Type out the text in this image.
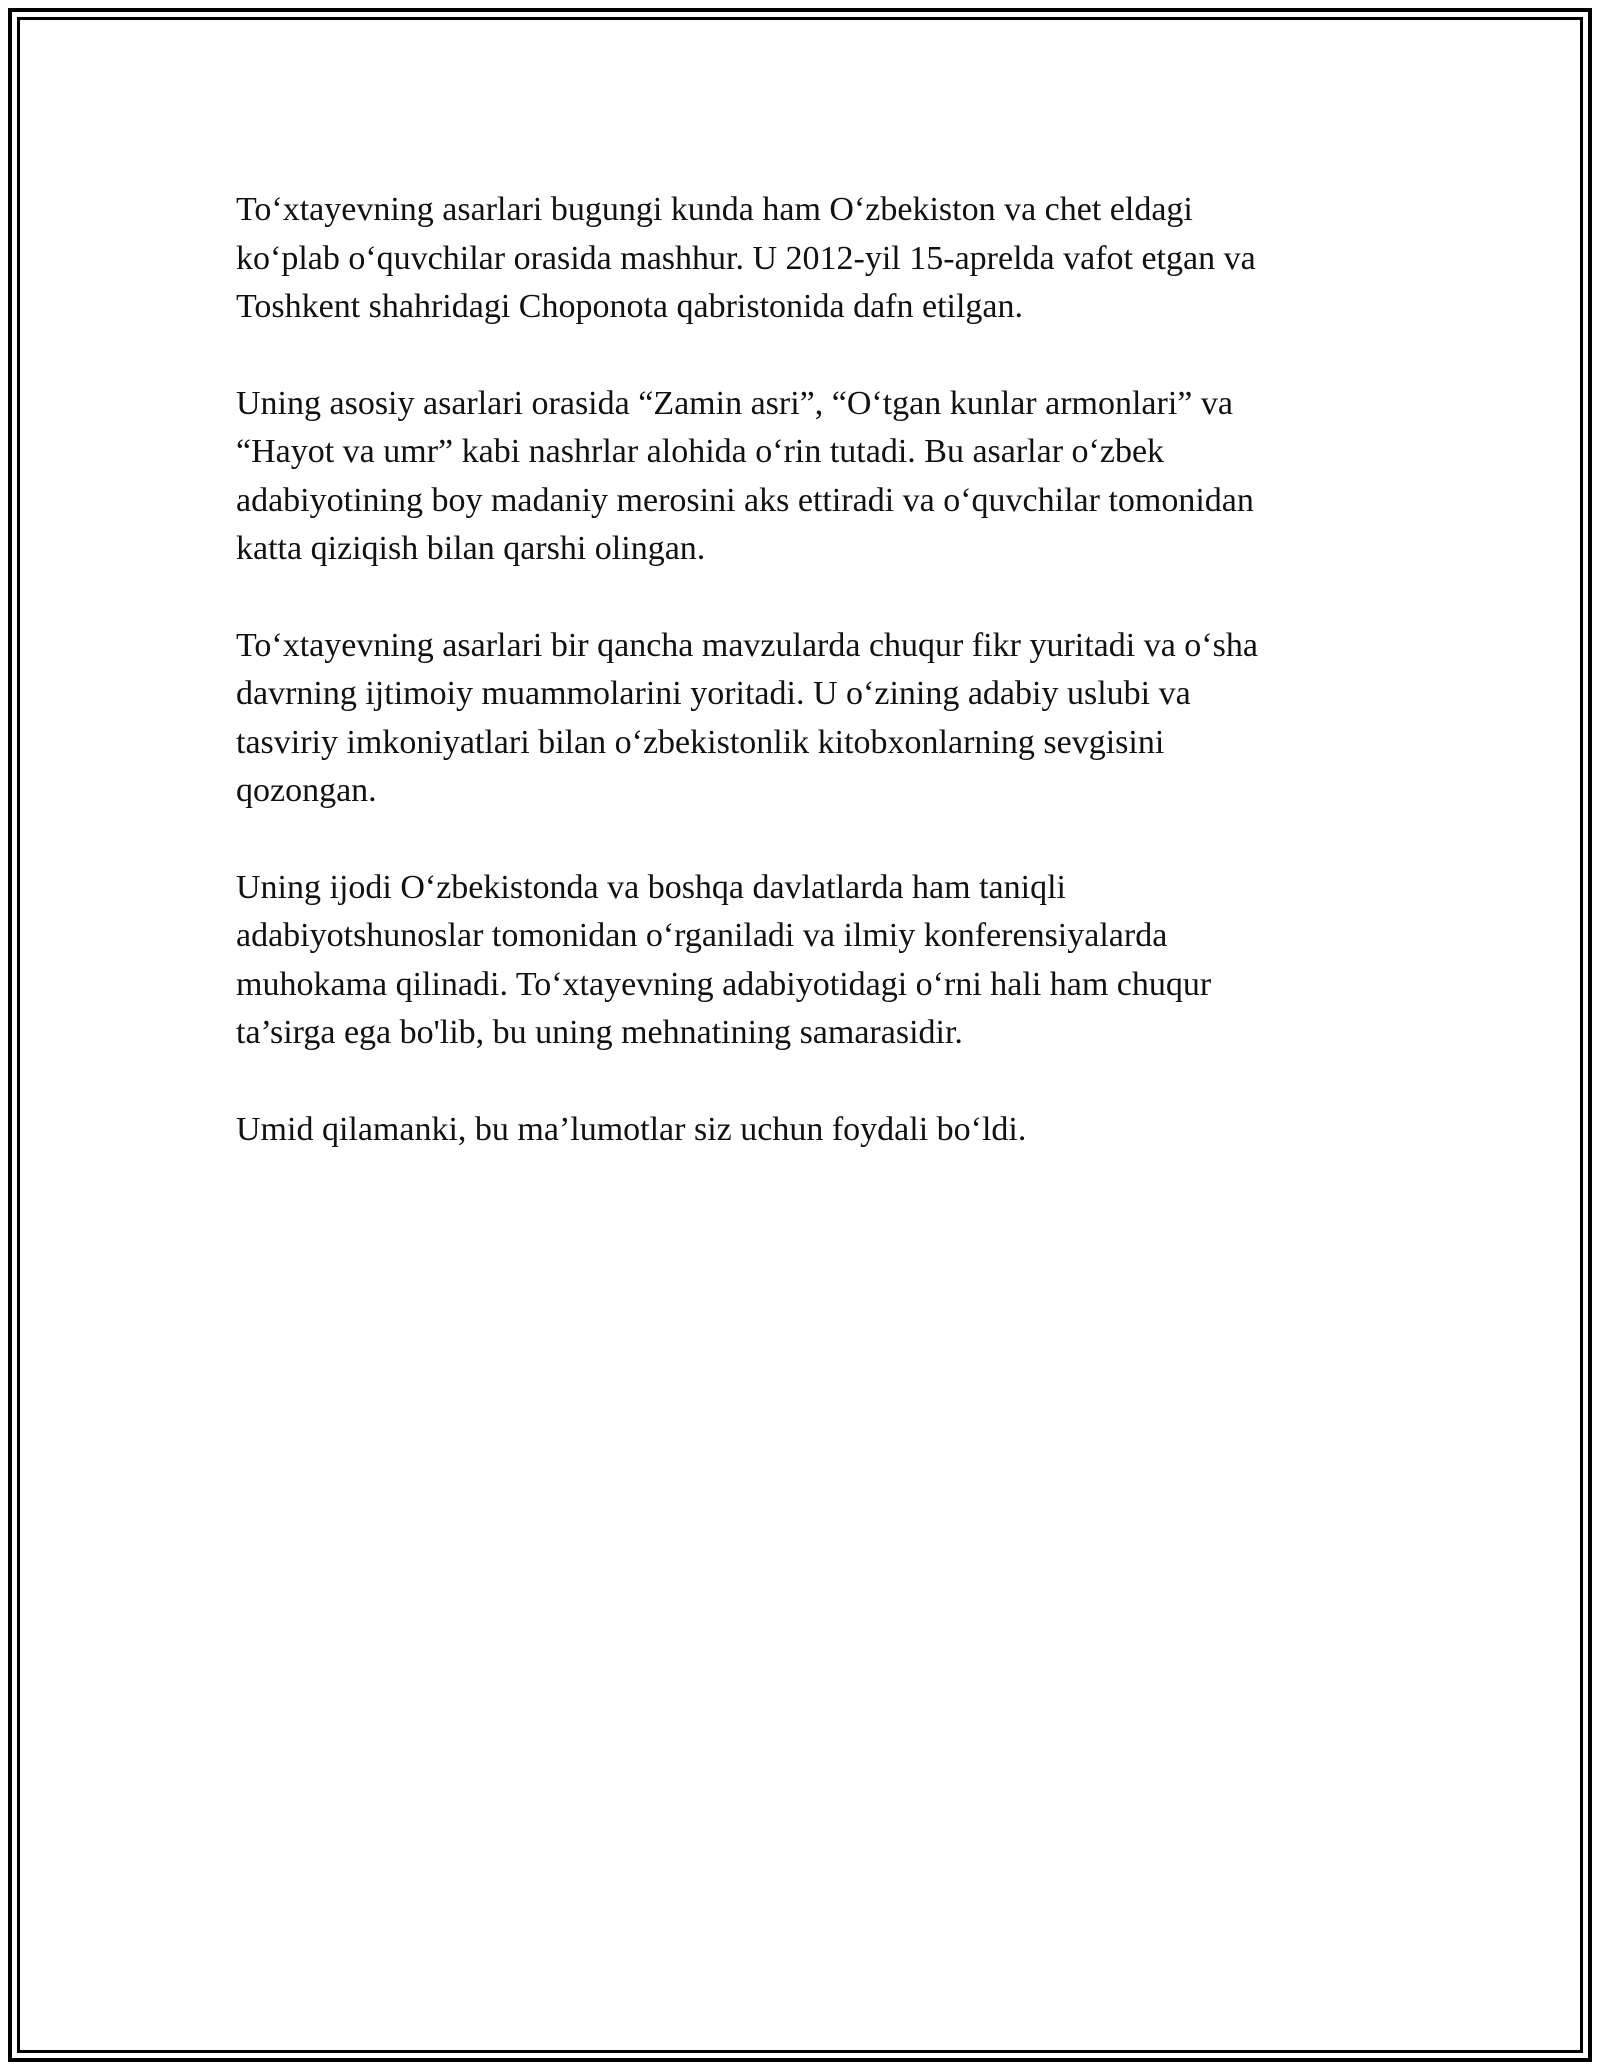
To‘xtayevning asarlari bugungi kunda ham O‘zbekiston va chet eldagi
ko‘plab o‘quvchilar orasida mashhur. U 2012-yil 15-aprelda vafot etgan va
Toshkent shahridagi Choponota qabristonida dafn etilgan.

Uning asosiy asarlari orasida “Zamin asri”, “O‘tgan kunlar armonlari” va
“Hayot va umr” kabi nashrlar alohida o‘rin tutadi. Bu asarlar o‘zbek
adabiyotining boy madaniy merosini aks ettiradi va o‘quvchilar tomonidan
katta qiziqish bilan qarshi olingan.

To‘xtayevning asarlari bir qancha mavzularda chuqur fikr yuritadi va o‘sha
davrning ijtimoiy muammolarini yoritadi. U o‘zining adabiy uslubi va
tasviriy imkoniyatlari bilan o‘zbekistonlik kitobxonlarning sevgisini
qozongan.

Uning ijodi O‘zbekistonda va boshqa davlatlarda ham taniqli
adabiyotshunoslar tomonidan o‘rganiladi va ilmiy konferensiyalarda
muhokama qilinadi. To‘xtayevning adabiyotidagi o‘rni hali ham chuqur
ta’sirga ega bo'lib, bu uning mehnatining samarasidir.

Umid qilamanki, bu ma’lumotlar siz uchun foydali bo‘ldi.
